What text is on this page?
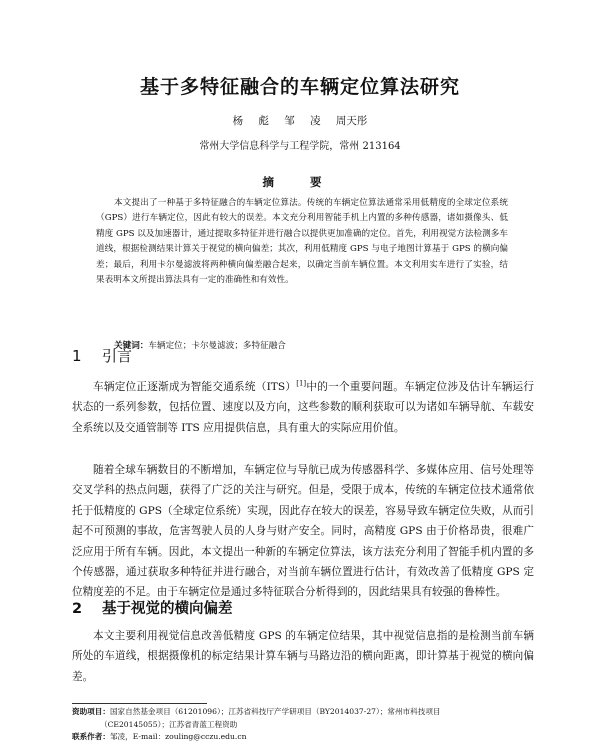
基于多特征融合的车辆定位算法研究
杨 彪 邹 凌 周天彤
常州大学信息科学与工程学院，常州 213164
摘 要

本文提出了一种基于多特征融合的车辆定位算法。传统的车辆定位算法通常采用低精度的全球定位系统（GPS）进行车辆定位，因此有较大的误差。本文充分利用智能手机上内置的多种传感器，诸如摄像头、低精度 GPS 以及加速器计，通过提取多特征并进行融合以提供更加准确的定位。首先，利用视觉方法检测多车道线，根据检测结果计算关于视觉的横向偏差；其次，利用低精度 GPS 与电子地图计算基于 GPS 的横向偏差；最后，利用卡尔曼滤波将两种横向偏差融合起来，以确定当前车辆位置。本文利用实车进行了实验，结果表明本文所提出算法具有一定的准确性和有效性。

关键词：车辆定位；卡尔曼滤波；多特征融合
1 引言

车辆定位正逐渐成为智能交通系统（ITS）[1]中的一个重要问题。车辆定位涉及估计车辆运行状态的一系列参数，包括位置、速度以及方向，这些参数的顺利获取可以为诸如车辆导航、车载安全系统以及交通管制等 ITS 应用提供信息，具有重大的实际应用价值。

随着全球车辆数目的不断增加，车辆定位与导航已成为传感器科学、多媒体应用、信号处理等交叉学科的热点问题，获得了广泛的关注与研究。但是，受限于成本，传统的车辆定位技术通常依托于低精度的 GPS（全球定位系统）实现，因此存在较大的误差，容易导致车辆定位失败，从而引起不可预测的事故，危害驾驶人员的人身与财产安全。同时，高精度 GPS 由于价格昂贵，很难广泛应用于所有车辆。因此，本文提出一种新的车辆定位算法，该方法充分利用了智能手机内置的多个传感器，通过获取多种特征并进行融合，对当前车辆位置进行估计，有效改善了低精度 GPS 定位精度差的不足。由于车辆定位是通过多特征联合分析得到的，因此结果具有较强的鲁棒性。

2 基于视觉的横向偏差

本文主要利用视觉信息改善低精度 GPS 的车辆定位结果，其中视觉信息指的是检测当前车辆所处的车道线，根据摄像机的标定结果计算车辆与马路边沿的横向距离，即计算基于视觉的横向偏差。

资助项目：国家自然基金项目（61201096）；江苏省科技厅产学研项目（BY2014037-27）；常州市科技项目
（CE20145055）；江苏省青蓝工程资助
联系作者：邹凌，E-mail：zouling@cczu.edu.cn
